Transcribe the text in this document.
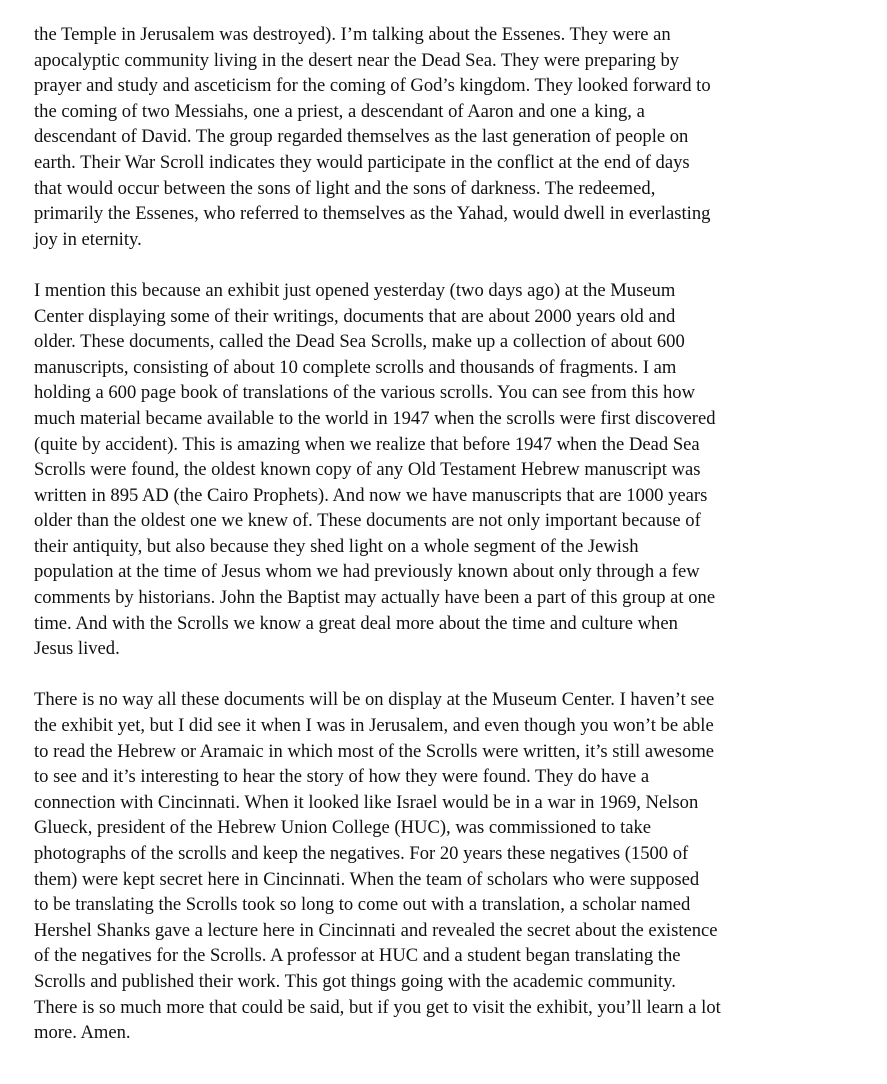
the Temple in Jerusalem was destroyed). I’m talking about the Essenes. They were an
apocalyptic community living in the desert near the Dead Sea. They were preparing by
prayer and study and asceticism for the coming of God’s kingdom. They looked forward to
the coming of two Messiahs, one a priest, a descendant of Aaron and one a king, a
descendant of David. The group regarded themselves as the last generation of people on
earth. Their War Scroll indicates they would participate in the conflict at the end of days
that would occur between the sons of light and the sons of darkness. The redeemed,
primarily the Essenes, who referred to themselves as the Yahad, would dwell in everlasting
joy in eternity.
I mention this because an exhibit just opened yesterday (two days ago) at the Museum
Center displaying some of their writings, documents that are about 2000 years old and
older. These documents, called the Dead Sea Scrolls, make up a collection of about 600
manuscripts, consisting of about 10 complete scrolls and thousands of fragments. I am
holding a 600 page book of translations of the various scrolls. You can see from this how
much material became available to the world in 1947 when the scrolls were first discovered
(quite by accident). This is amazing when we realize that before 1947 when the Dead Sea
Scrolls were found, the oldest known copy of any Old Testament Hebrew manuscript was
written in 895 AD (the Cairo Prophets). And now we have manuscripts that are 1000 years
older than the oldest one we knew of. These documents are not only important because of
their antiquity, but also because they shed light on a whole segment of the Jewish
population at the time of Jesus whom we had previously known about only through a few
comments by historians. John the Baptist may actually have been a part of this group at one
time. And with the Scrolls we know a great deal more about the time and culture when
Jesus lived.
There is no way all these documents will be on display at the Museum Center. I haven’t see
the exhibit yet, but I did see it when I was in Jerusalem, and even though you won’t be able
to read the Hebrew or Aramaic in which most of the Scrolls were written, it’s still awesome
to see and it’s interesting to hear the story of how they were found. They do have a
connection with Cincinnati. When it looked like Israel would be in a war in 1969, Nelson
Glueck, president of the Hebrew Union College (HUC), was commissioned to take
photographs of the scrolls and keep the negatives. For 20 years these negatives (1500 of
them) were kept secret here in Cincinnati. When the team of scholars who were supposed
to be translating the Scrolls took so long to come out with a translation, a scholar named
Hershel Shanks gave a lecture here in Cincinnati and revealed the secret about the existence
of the negatives for the Scrolls. A professor at HUC and a student began translating the
Scrolls and published their work. This got things going with the academic community.
There is so much more that could be said, but if you get to visit the exhibit, you’ll learn a lot
more. Amen.
